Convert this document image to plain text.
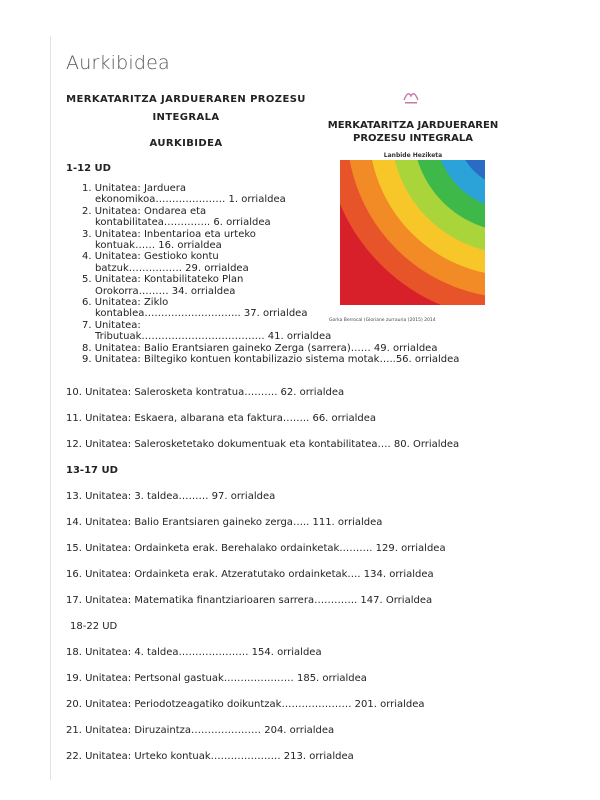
Aurkibidea
MERKATARITZA JARDUERAREN PROZESU
INTEGRALA
AURKIBIDEA
1-12 UD
1. Unitatea: Jarduera
ekonomikoa………………… 1. orrialdea
2. Unitatea: Ondarea eta
kontabilitatea………….. 6. orrialdea
3. Unitatea: Inbentarioa eta urteko
kontuak…… 16. orrialdea
4. Unitatea: Gestioko kontu
batzuk……………. 29. orrialdea
5. Unitatea: Kontabilitateko Plan
Orokorra……… 34. orrialdea
6. Unitatea: Ziklo
kontablea……………………….. 37. orrialdea
7. Unitatea:
Tributuak………………………………. 41. orrialdea
8. Unitatea: Balio Erantsiaren gaineko Zerga (sarrera)…… 49. orrialdea
9. Unitatea: Biltegiko kontuen kontabilizazio sistema motak…..56. orrialdea
10. Unitatea: Salerosketa kontratua………. 62. orrialdea
11. Unitatea: Eskaera, albarana eta faktura…….. 66. orrialdea
12. Unitatea: Salerosketetako dokumentuak eta kontabilitatea…. 80. Orrialdea
13-17 UD
13. Unitatea: 3. taldea……… 97. orrialdea
14. Unitatea: Balio Erantsiaren gaineko zerga….. 111. orrialdea
15. Unitatea: Ordainketa erak. Berehalako ordainketak………. 129. orrialdea
16. Unitatea: Ordainketa erak. Atzeratutako ordainketak…. 134. orrialdea
17. Unitatea: Matematika finantziarioaren sarrera…………. 147. Orrialdea
18-22 UD
18. Unitatea: 4. taldea………………… 154. orrialdea
19. Unitatea: Pertsonal gastuak………………… 185. orrialdea
20. Unitatea: Periodotzeagatiko doikuntzak………………… 201. orrialdea
21. Unitatea: Diruzaintza………………… 204. orrialdea
22. Unitatea: Urteko kontuak………………… 213. orrialdea
MERKATARITZA JARDUERAREN
PROZESU INTEGRALA
Lanbide Heziketa
Gorka Berrocal (Gloriane zurrauria (2015) 2014
